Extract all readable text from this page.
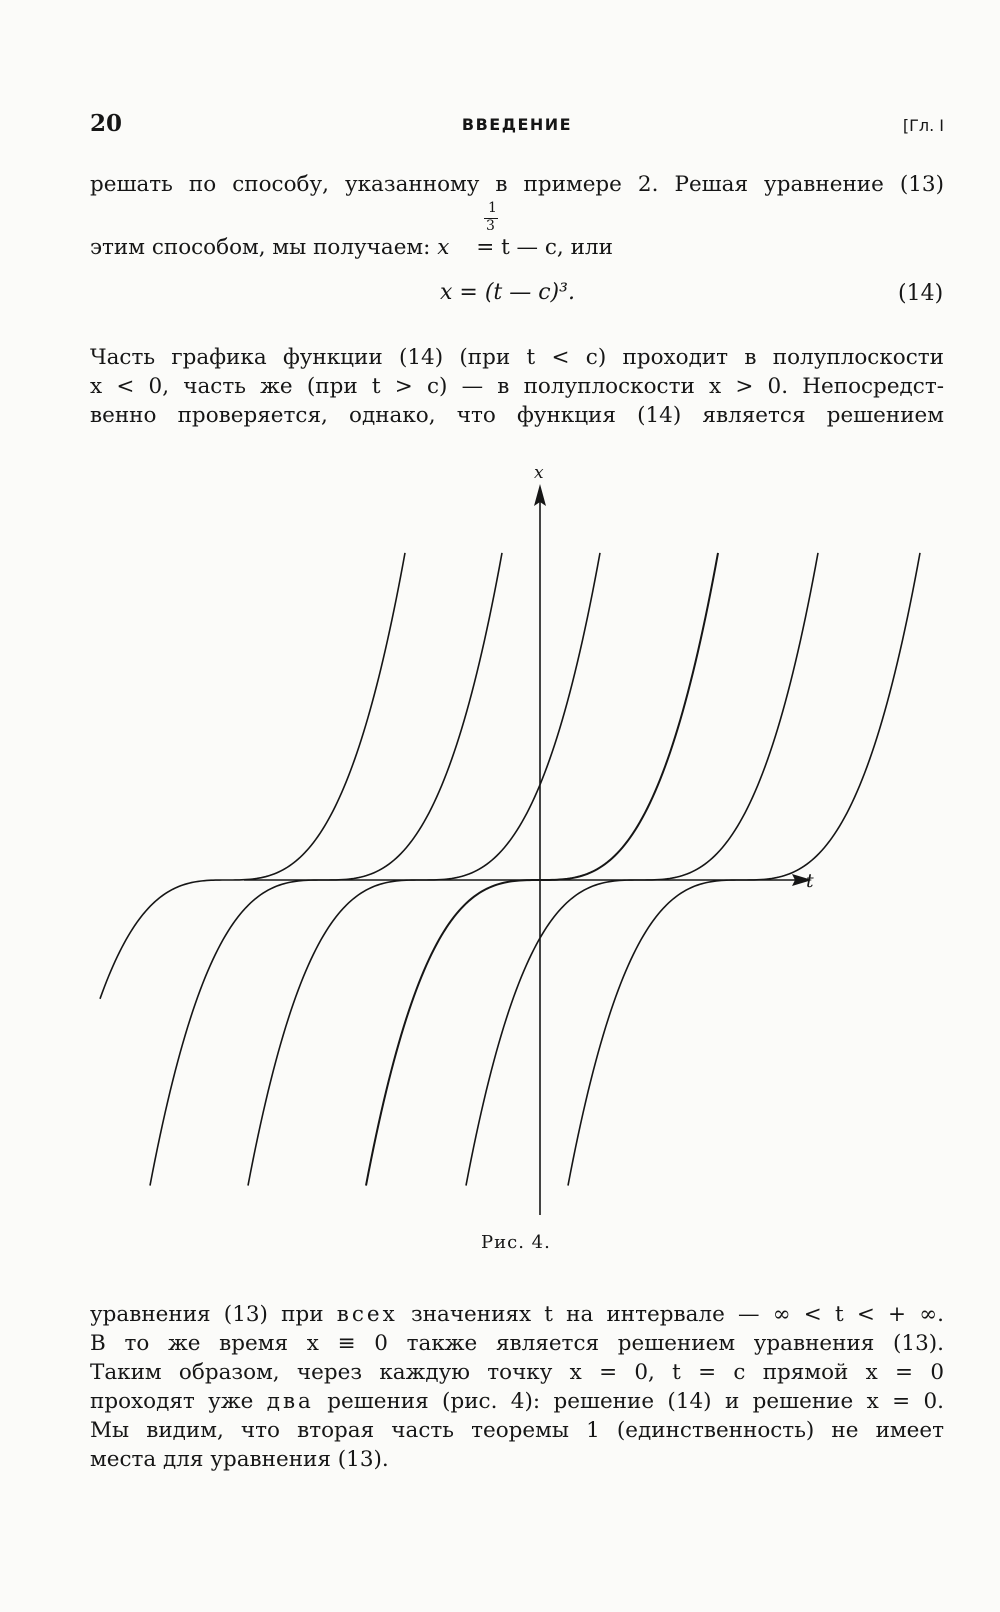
20	ВВЕДЕНИЕ	[Гл. I
решать по способу, указанному в примере 2. Решая уравнение (13)
1
3
этим способом, мы получаем: x = t — c, или
x = (t — c)³.	(14)
Часть графика функции (14) (при t < c) проходит в полуплоскости
x < 0, часть же (при t > c) — в полуплоскости x > 0. Непосредст-
венно проверяется, однако, что функция (14) является решением
x
t
Рис. 4.
уравнения (13) при всех значениях t на интервале — ∞ < t < + ∞.
В то же время x ≡ 0 также является решением уравнения (13).
Таким образом, через каждую точку x = 0, t = c прямой x = 0
проходят уже два решения (рис. 4): решение (14) и решение x = 0.
Мы видим, что вторая часть теоремы 1 (единственность) не имеет
места для уравнения (13).
